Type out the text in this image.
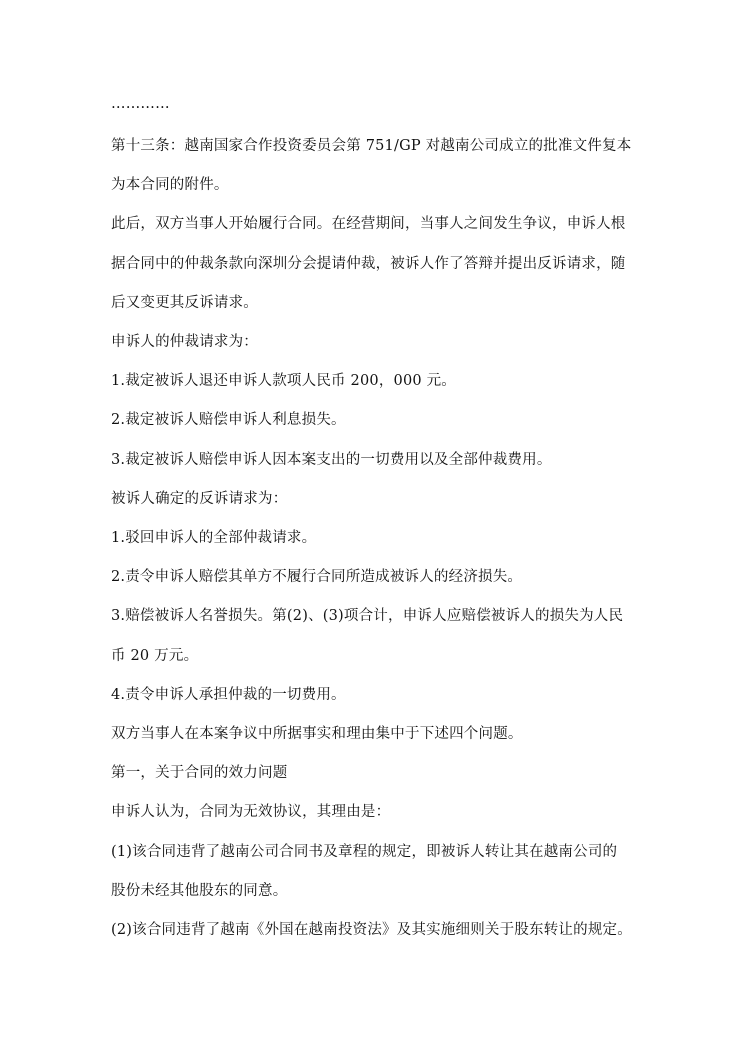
…………
第十三条：越南国家合作投资委员会第 751/GP 对越南公司成立的批准文件复本
为本合同的附件。
此后，双方当事人开始履行合同。在经营期间，当事人之间发生争议，申诉人根
据合同中的仲裁条款向深圳分会提请仲裁，被诉人作了答辩并提出反诉请求，随
后又变更其反诉请求。
申诉人的仲裁请求为：
1.裁定被诉人退还申诉人款项人民币 200，000 元。
2.裁定被诉人赔偿申诉人利息损失。
3.裁定被诉人赔偿申诉人因本案支出的一切费用以及全部仲裁费用。
被诉人确定的反诉请求为：
1.驳回申诉人的全部仲裁请求。
2.责令申诉人赔偿其单方不履行合同所造成被诉人的经济损失。
3.赔偿被诉人名誉损失。第(2)、(3)项合计，申诉人应赔偿被诉人的损失为人民
币 20 万元。
4.责令申诉人承担仲裁的一切费用。
双方当事人在本案争议中所据事实和理由集中于下述四个问题。
第一，关于合同的效力问题
申诉人认为，合同为无效协议，其理由是：
(1)该合同违背了越南公司合同书及章程的规定，即被诉人转让其在越南公司的
股份未经其他股东的同意。
(2)该合同违背了越南《外国在越南投资法》及其实施细则关于股东转让的规定。
